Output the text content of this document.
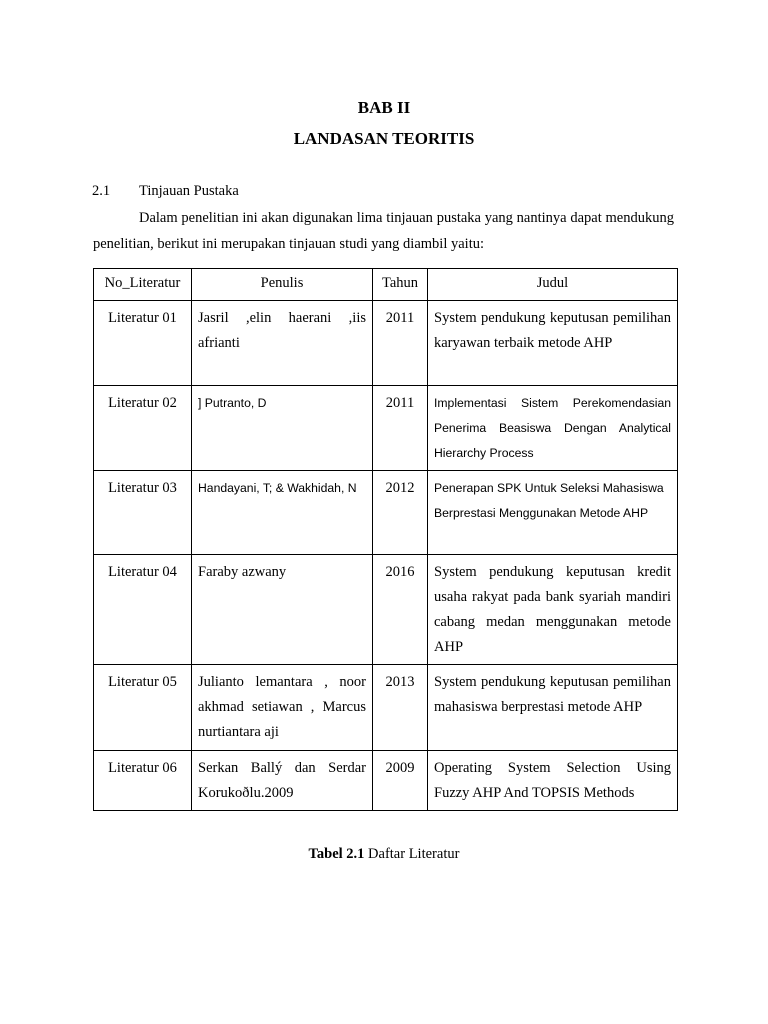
BAB II
LANDASAN TEORITIS
2.1 Tinjauan Pustaka
Dalam penelitian ini akan digunakan lima tinjauan pustaka yang nantinya dapat mendukung penelitian, berikut ini merupakan tinjauan studi yang diambil yaitu:
No_Literatur	Penulis	Tahun	Judul
Literatur 01	Jasril ,elin haerani ,iis afrianti	2011	System pendukung keputusan pemilihan karyawan terbaik metode AHP
Literatur 02	] Putranto, D	2011	Implementasi Sistem Perekomendasian Penerima Beasiswa Dengan Analytical Hierarchy Process
Literatur 03	Handayani, T; & Wakhidah, N	2012	Penerapan SPK Untuk Seleksi Mahasiswa Berprestasi Menggunakan Metode AHP
Literatur 04	Faraby azwany	2016	System pendukung keputusan kredit usaha rakyat pada bank syariah mandiri cabang medan menggunakan metode AHP
Literatur 05	Julianto lemantara , noor akhmad setiawan , Marcus nurtiantara aji	2013	System pendukung keputusan pemilihan mahasiswa berprestasi metode AHP
Literatur 06	Serkan Ballý dan Serdar Korukoðlu.2009	2009	Operating System Selection Using Fuzzy AHP And TOPSIS Methods
Tabel 2.1 Daftar Literatur
